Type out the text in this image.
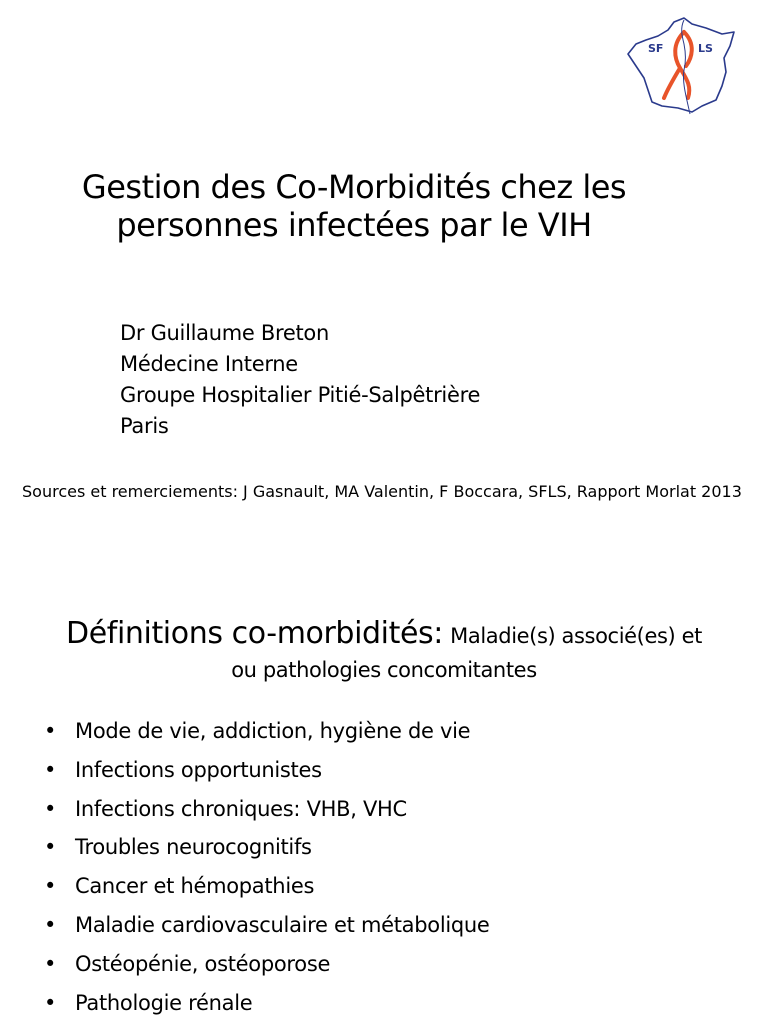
SF	LS
Gestion des Co-Morbidités chez les
personnes infectées par le VIH
Dr Guillaume Breton
Médecine Interne
Groupe Hospitalier Pitié-Salpêtrière
Paris

Sources et remerciements: J Gasnault, MA Valentin, F Boccara, SFLS, Rapport Morlat 2013

Définitions co-morbidités: Maladie(s) associé(es) et
ou pathologies concomitantes
• Mode de vie, addiction, hygiène de vie
• Infections opportunistes
• Infections chroniques: VHB, VHC
• Troubles neurocognitifs
• Cancer et hémopathies
• Maladie cardiovasculaire et métabolique
• Ostéopénie, ostéoporose
• Pathologie rénale
